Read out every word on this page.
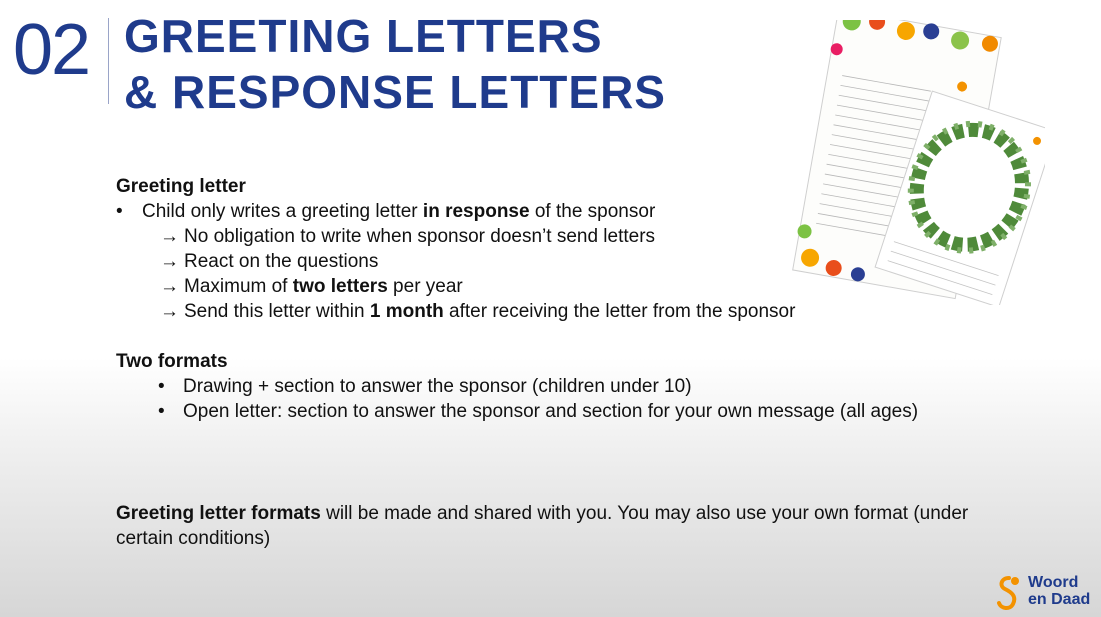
02 GREETING LETTERS
& RESPONSE LETTERS
Greeting letter
• Child only writes a greeting letter in response of the sponsor
→ No obligation to write when sponsor doesn’t send letters
→ React on the questions
→ Maximum of two letters per year
→ Send this letter within 1 month after receiving the letter from the sponsor
Two formats
• Drawing + section to answer the sponsor (children under 10)
• Open letter: section to answer the sponsor and section for your own message (all ages)
Greeting letter formats will be made and shared with you. You may also use your own format (under certain conditions)
Woord
en Daad
